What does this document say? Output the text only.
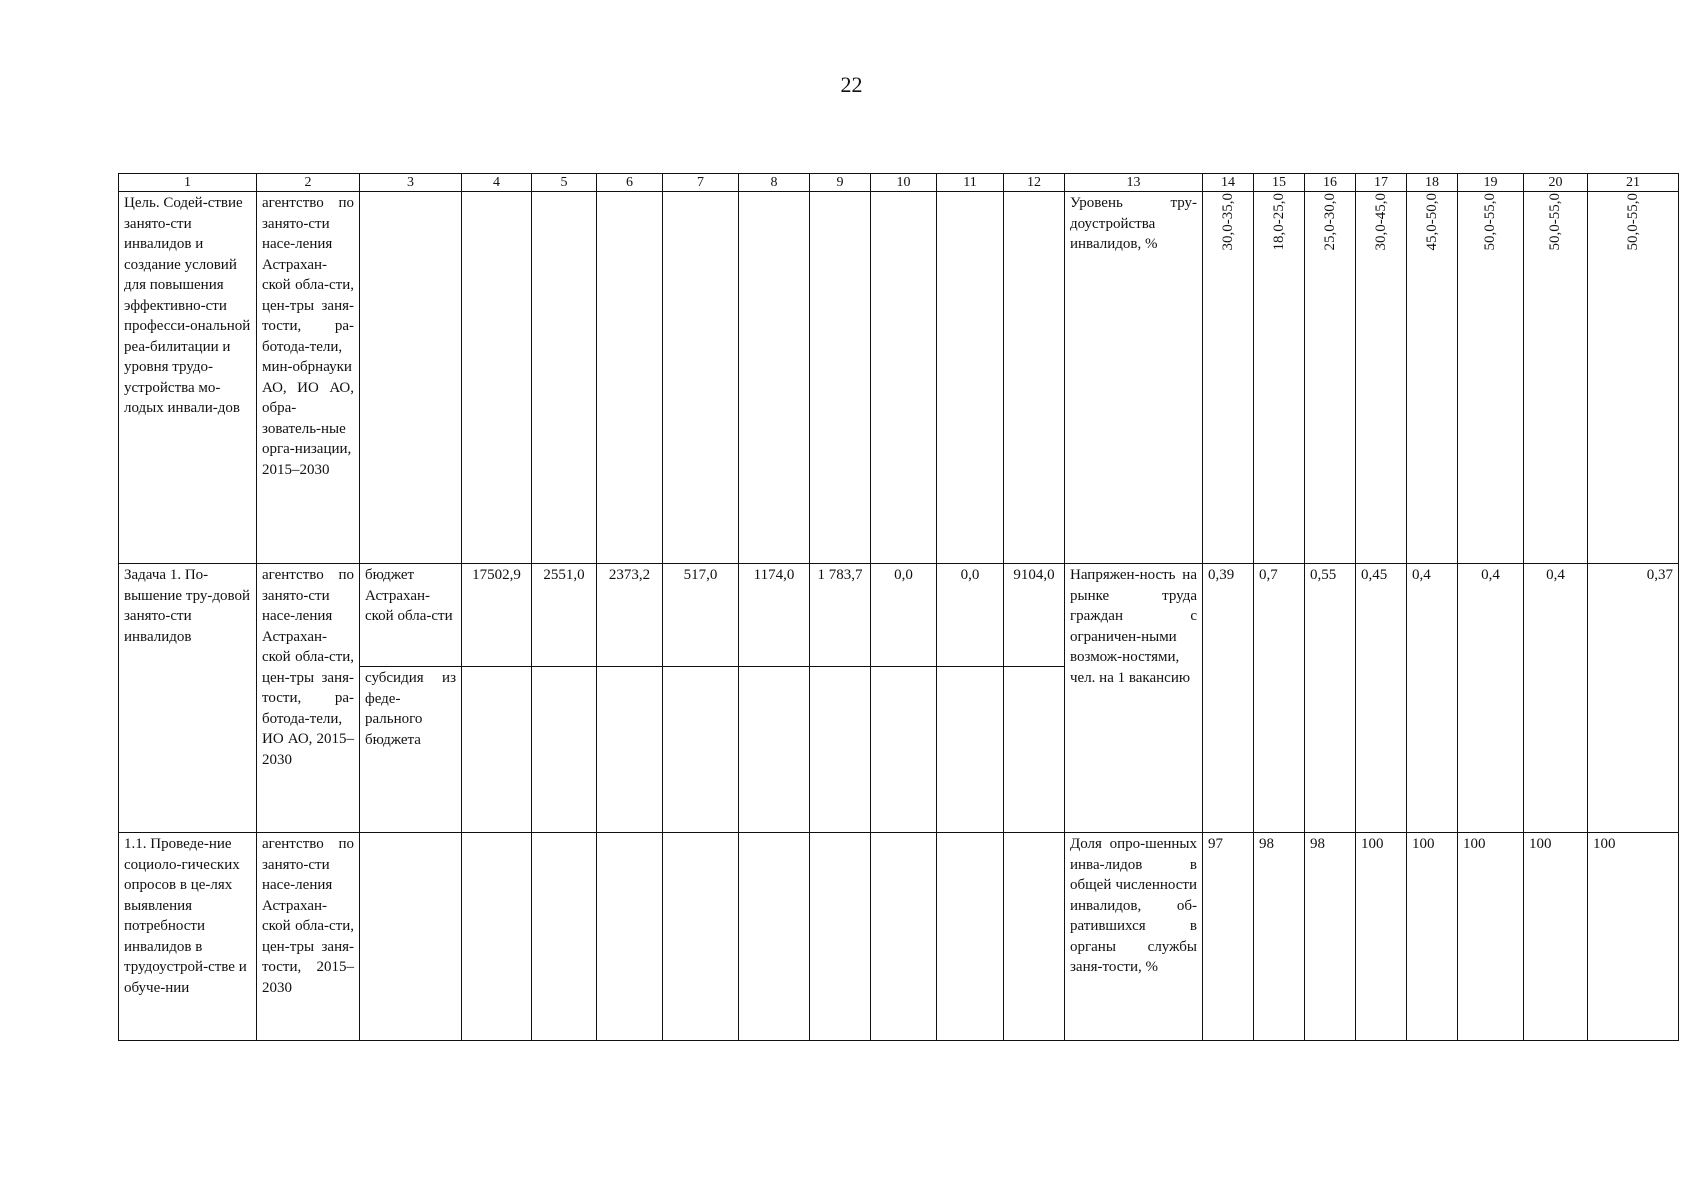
22
1	2	3	4	5	6	7	8	9	10	11	12	13	14	15	16	17	18	19	20	21
Цель. Содей-ствие занято-сти инвалидов и создание условий для повышения эффективно-сти професси-ональной реа-билитации и уровня трудо-устройства мо-лодых инвали-дов	агентство по занято-сти насе-ления Астрахан-ской обла-сти, цен-тры заня-тости, ра-ботода-тели, мин-обрнауки АО, ИО АО, обра-зователь-ные орга-низации, 2015–2030											Уровень тру-доустройства инвалидов, %	30,0-35,0	18,0-25,0	25,0-30,0	30,0-45,0	45,0-50,0	50,0-55,0	50,0-55,0	50,0-55,0
Задача 1. По-вышение тру-довой занято-сти инвалидов	агентство по занято-сти насе-ления Астрахан-ской обла-сти, цен-тры заня-тости, ра-ботода-тели, ИО АО, 2015–2030	бюджет Астрахан-ской обла-сти	17502,9	2551,0	2373,2	517,0	1174,0	1 783,7	0,0	0,0	9104,0	Напряжен-ность на рынке труда граждан с ограничен-ными возмож-ностями, чел. на 1 вакансию	0,39	0,7	0,55	0,45	0,4	0,4	0,4	0,37
		субсидия из феде-рального бюджета																		
1.1. Проведе-ние социоло-гических опросов в це-лях выявления потребности инвалидов в трудоустрой-стве и обуче-нии	агентство по занято-сти насе-ления Астрахан-ской обла-сти, цен-тры заня-тости, 2015–2030											Доля опро-шенных инва-лидов в общей численности инвалидов, об-ратившихся в органы службы заня-тости, %	97	98	98	100	100	100	100	100
